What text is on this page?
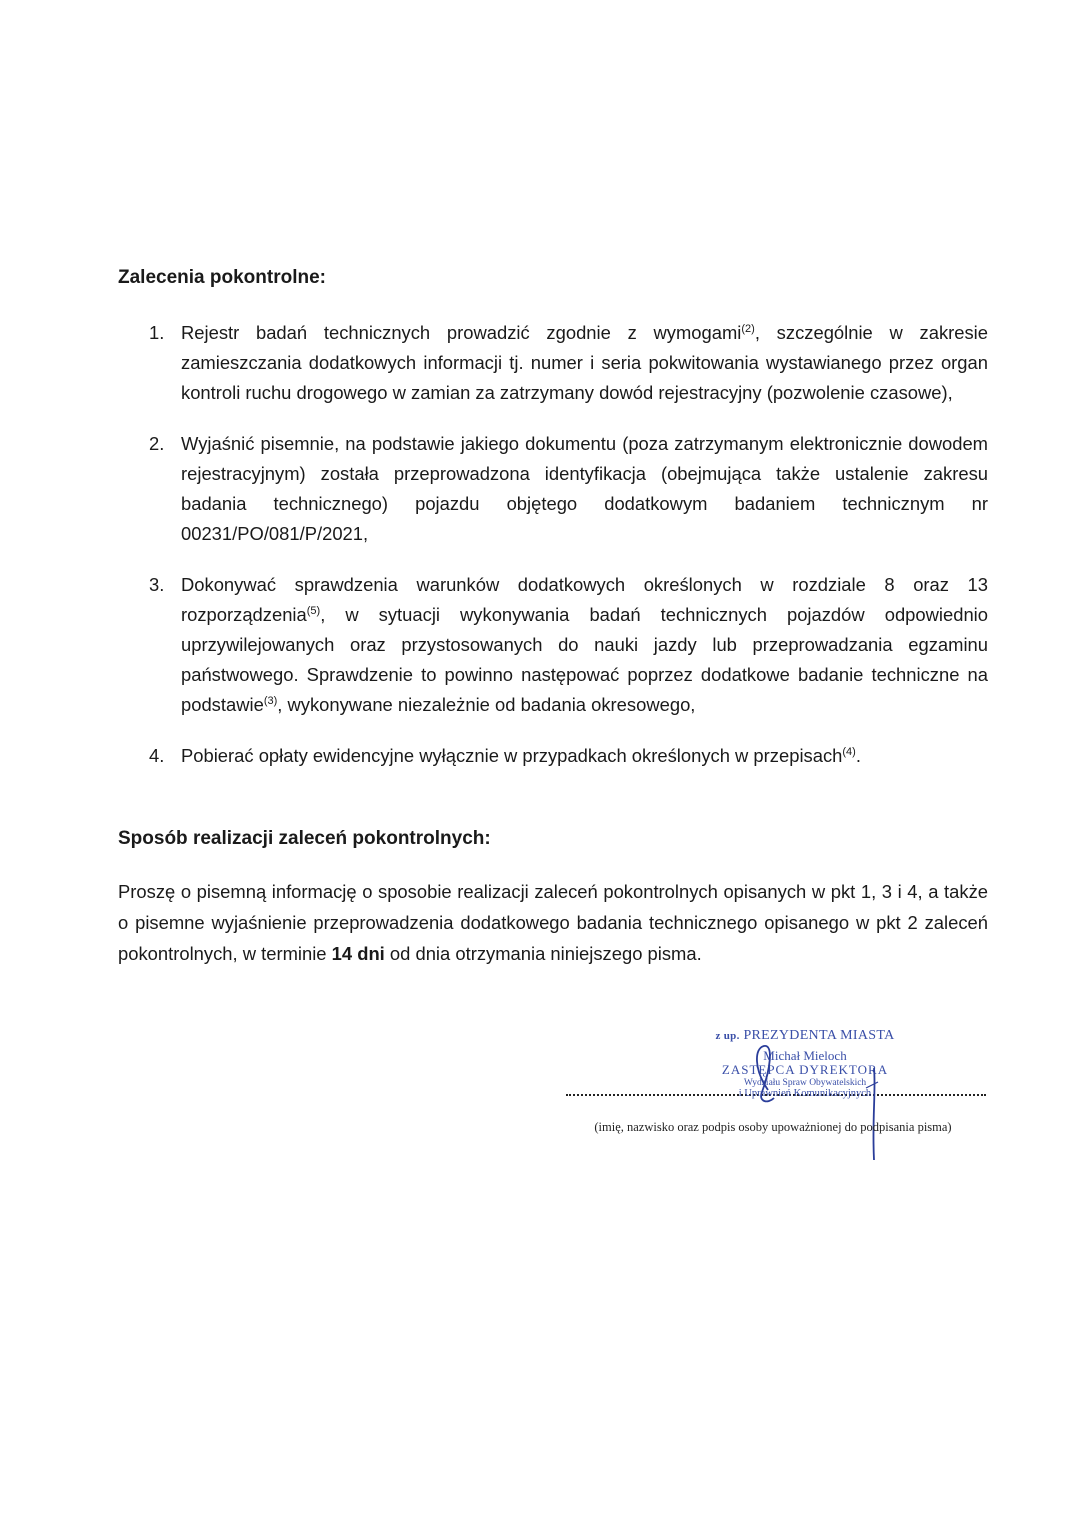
Zalecenia pokontrolne:
1. Rejestr badań technicznych prowadzić zgodnie z wymogami$^{(2)}$, szczególnie w zakresie zamieszczania dodatkowych informacji tj. numer i seria pokwitowania wystawianego przez organ kontroli ruchu drogowego w zamian za zatrzymany dowód rejestracyjny (pozwolenie czasowe),
2. Wyjaśnić pisemnie, na podstawie jakiego dokumentu (poza zatrzymanym elektronicznie dowodem rejestracyjnym) została przeprowadzona identyfikacja (obejmująca także ustalenie zakresu badania technicznego) pojazdu objętego dodatkowym badaniem technicznym nr 00231/PO/081/P/2021,
3. Dokonywać sprawdzenia warunków dodatkowych określonych w rozdziale 8 oraz 13 rozporządzenia$^{(5)}$, w sytuacji wykonywania badań technicznych pojazdów odpowiednio uprzywilejowanych oraz przystosowanych do nauki jazdy lub przeprowadzania egzaminu państwowego. Sprawdzenie to powinno następować poprzez dodatkowe badanie techniczne na podstawie$^{(3)}$, wykonywane niezależnie od badania okresowego,
4. Pobierać opłaty ewidencyjne wyłącznie w przypadkach określonych w przepisach$^{(4)}$.
Sposób realizacji zaleceń pokontrolnych:
Proszę o pisemną informację o sposobie realizacji zaleceń pokontrolnych opisanych w pkt 1, 3 i 4, a także o pisemne wyjaśnienie przeprowadzenia dodatkowego badania technicznego opisanego w pkt 2 zaleceń pokontrolnych, w terminie 14 dni od dnia otrzymania niniejszego pisma.
z up. PREZYDENTA MIASTA
Michał Mieloch
ZASTĘPCA DYREKTORA
Wydziału Spraw Obywatelskich
i Uprawnień Komunikacyjnych
(imię, nazwisko oraz podpis osoby upoważnionej do podpisania pisma)
